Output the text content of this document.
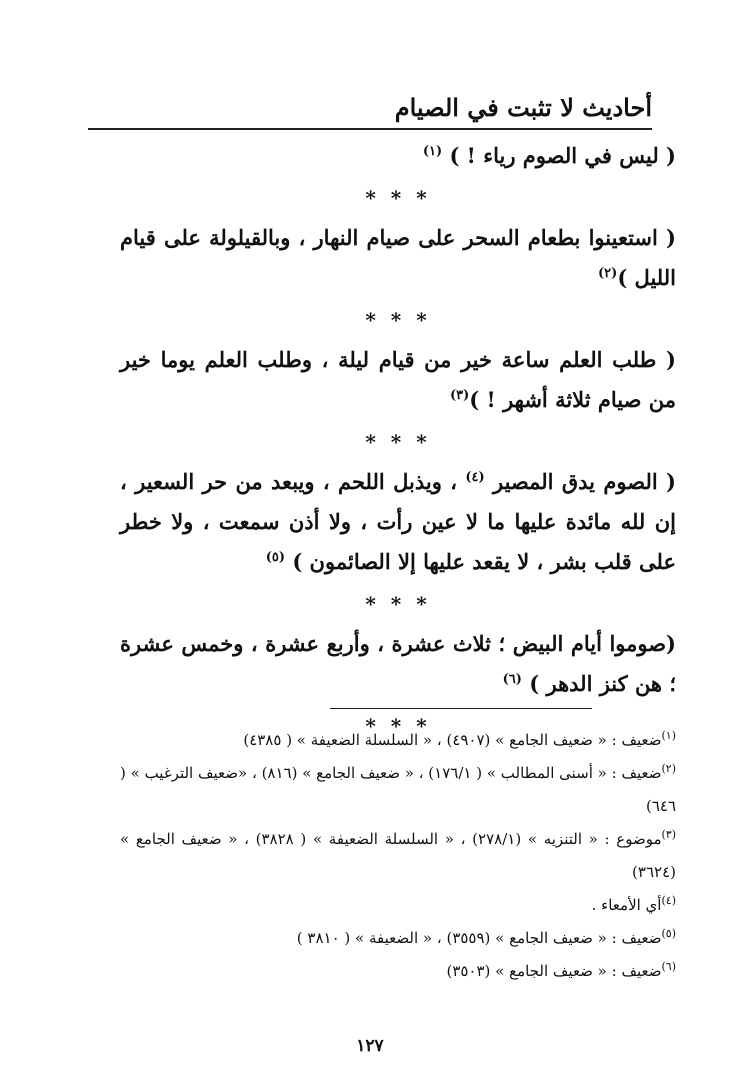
أحاديث لا تثبت في الصيام

( ليس في الصوم رياء ! ) $^{(١)}$

* * *

( استعينوا بطعام السحر على صيام النهار ، وبالقيلولة على قيام الليل )$^{(٢)}$

* * *

( طلب العلم ساعة خير من قيام ليلة ، وطلب العلم يوما خير من صيام ثلاثة أشهر ! )$^{(٣)}$

* * *

( الصوم يدق المصير $^{(٤)}$ ، ويذبل اللحم ، ويبعد من حر السعير ، إن لله مائدة عليها ما لا عين رأت ، ولا أذن سمعت ، ولا خطر على قلب بشر ، لا يقعد عليها إلا الصائمون ) $^{(٥)}$

* * *

(صوموا أيام البيض ؛ ثلاث عشرة ، وأربع عشرة ، وخمس عشرة ؛ هن كنز الدهر ) $^{(٦)}$

* * *	$^{(١)}$ضعيف : « ضعيف الجامع » (٤٩٠٧) ، « السلسلة الضعيفة » ( ٤٣٨٥)

$^{(٢)}$ضعيف : « أسنى المطالب » ( ١٧٦/١) ، « ضعيف الجامع » (٨١٦) ، «ضعيف الترغيب » ( ٦٤٦)

$^{(٣)}$موضوع : « التنزيه » (٢٧٨/١) ، « السلسلة الضعيفة » ( ٣٨٢٨) ، « ضعيف الجامع » (٣٦٢٤)

$^{(٤)}$أي الأمعاء .

$^{(٥)}$ضعيف : « ضعيف الجامع » (٣٥٥٩) ، « الضعيفة » ( ٣٨١٠ )

$^{(٦)}$ضعيف : « ضعيف الجامع » (٣٥٠٣)

١٢٧
